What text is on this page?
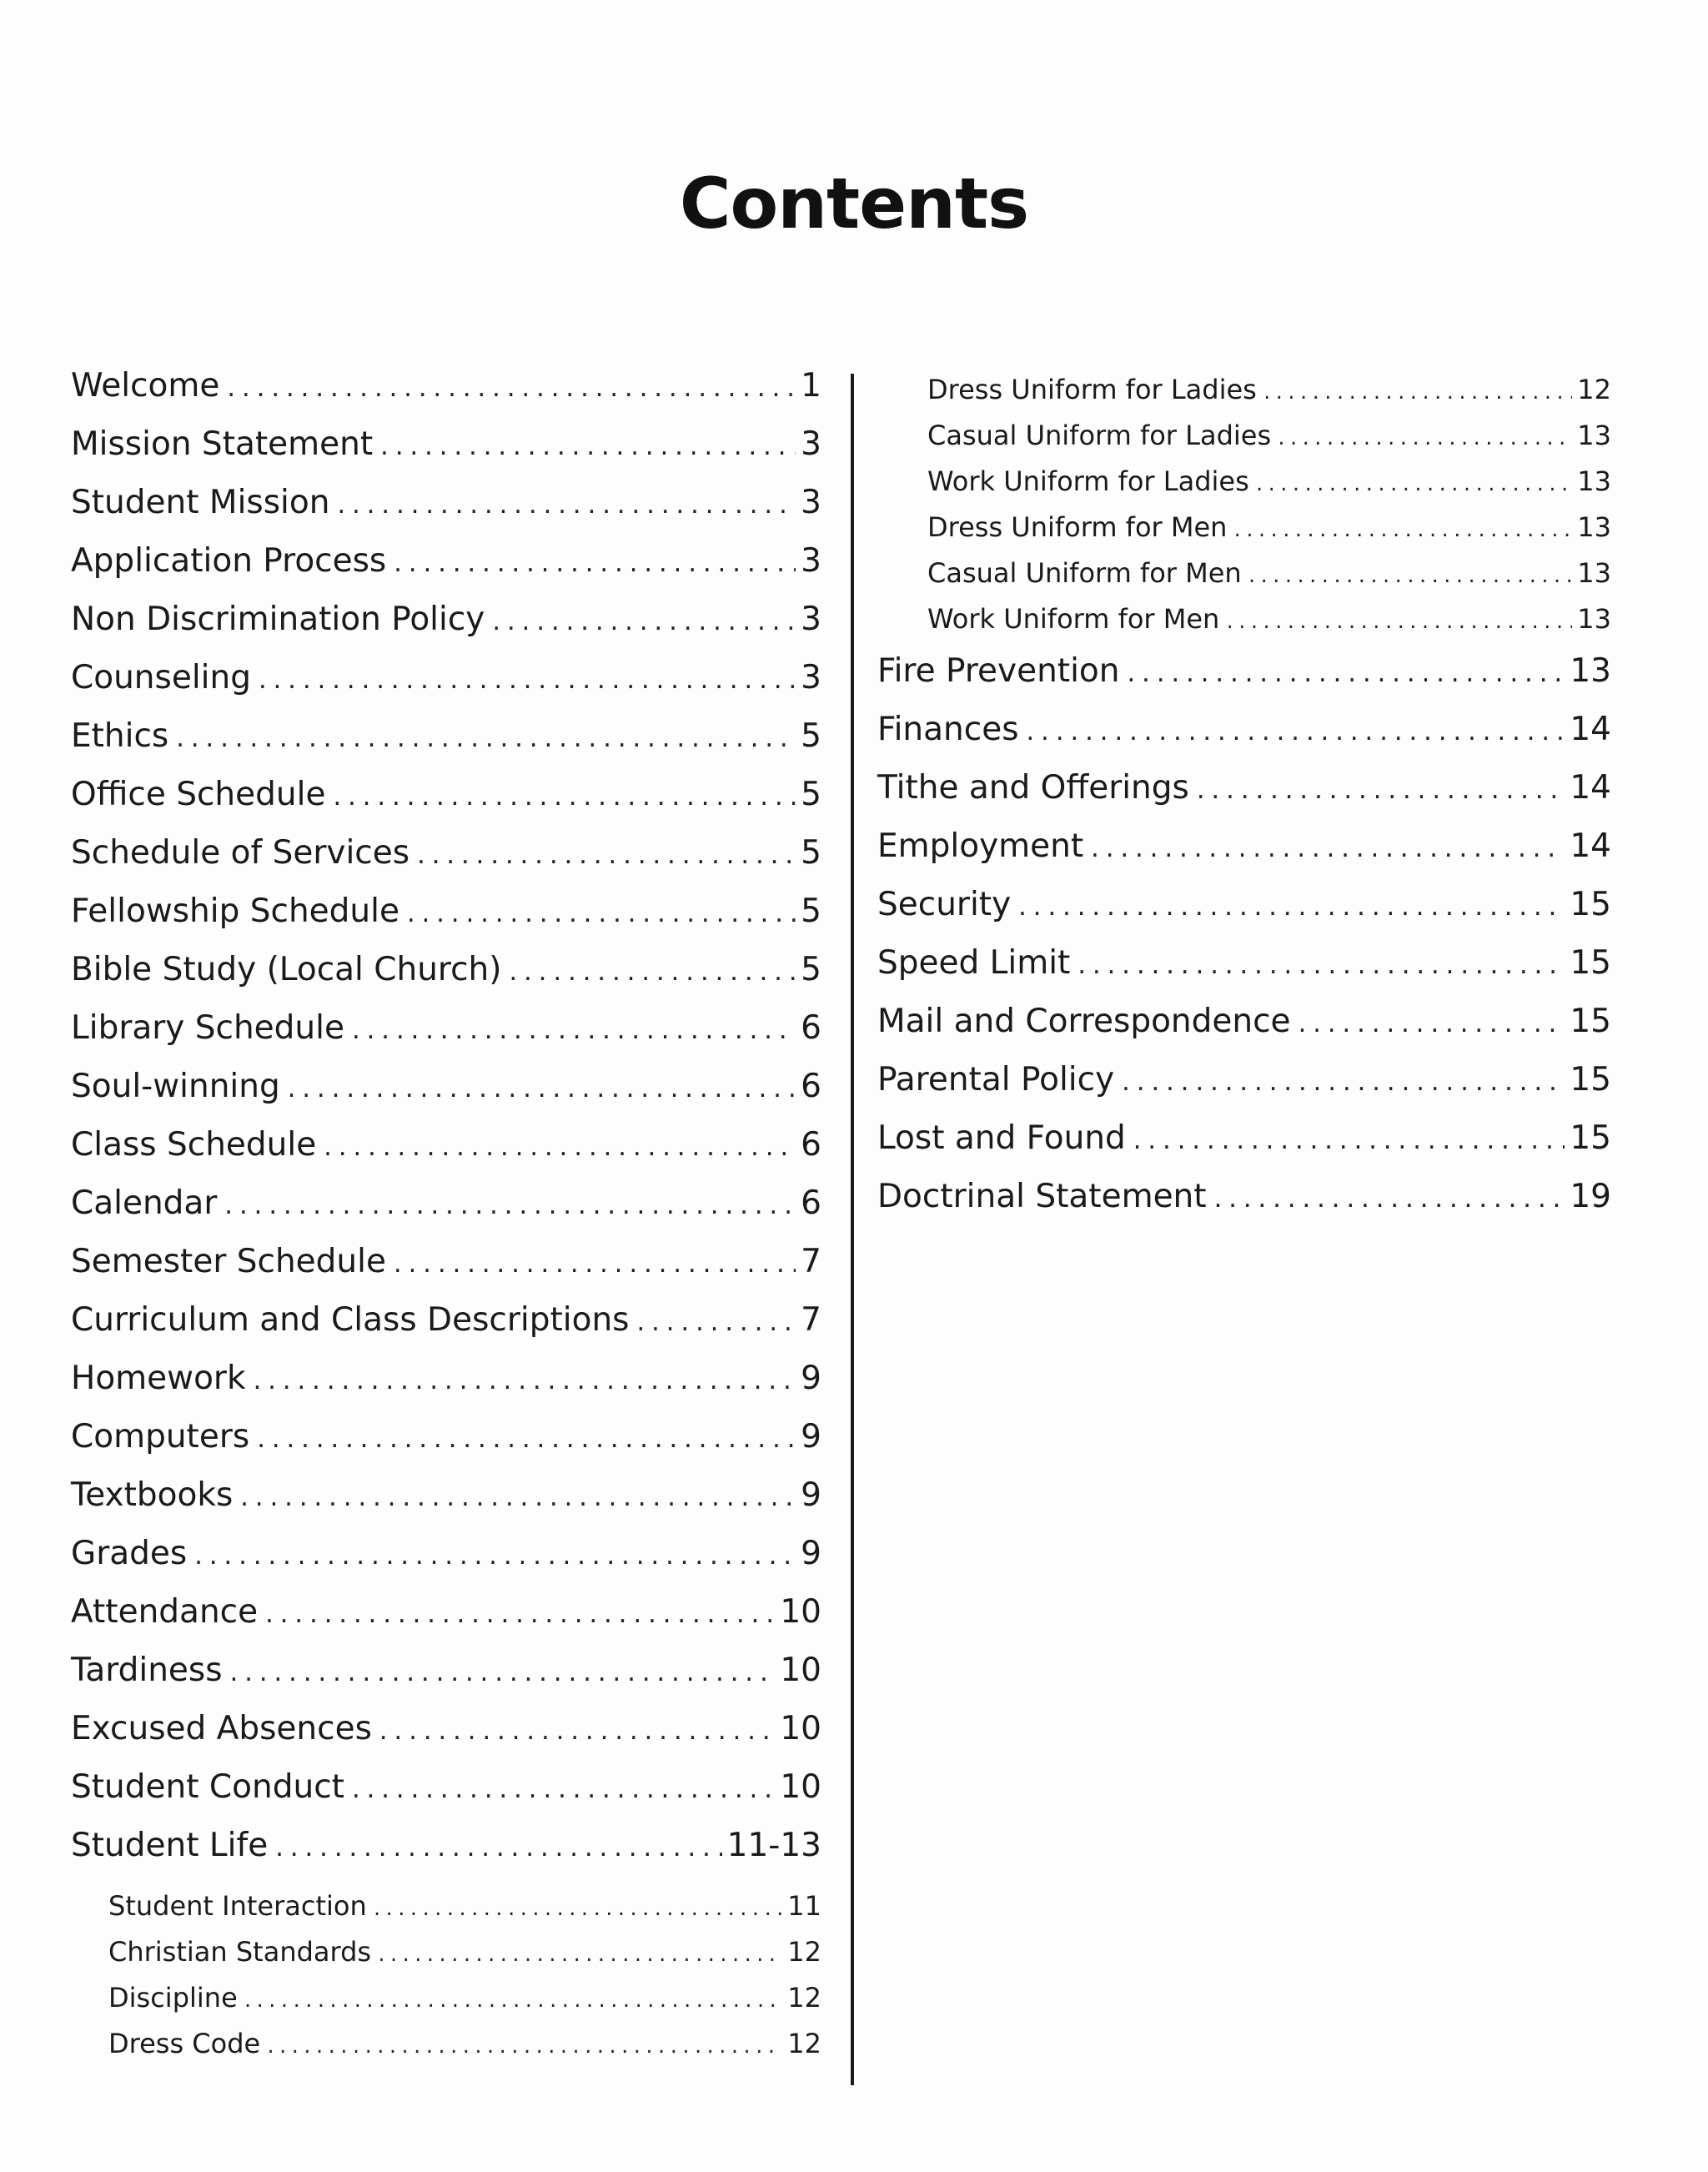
Contents
Welcome .....	1
Mission Statement .....	3
Student Mission .....	3
Application Process .....	3
Non Discrimination Policy .....	3
Counseling .....	3
Ethics .....	5
Office Schedule .....	5
Schedule of Services .....	5
Fellowship Schedule .....	5
Bible Study (Local Church) .....	5
Library Schedule .....	6
Soul-winning .....	6
Class Schedule .....	6
Calendar .....	6
Semester Schedule .....	7
Curriculum and Class Descriptions .....	7
Homework .....	9
Computers .....	9
Textbooks .....	9
Grades .....	9
Attendance .....	10
Tardiness .....	10
Excused Absences .....	10
Student Conduct .....	10
Student Life .....	11-13
Student Interaction .....	11
Christian Standards .....	12
Discipline .....	12
Dress Code .....	12
Dress Uniform for Ladies .....	12
Casual Uniform for Ladies .....	13
Work Uniform for Ladies .....	13
Dress Uniform for Men .....	13
Casual Uniform for Men .....	13
Work Uniform for Men .....	13
Fire Prevention .....	13
Finances .....	14
Tithe and Offerings .....	14
Employment .....	14
Security .....	15
Speed Limit .....	15
Mail and Correspondence .....	15
Parental Policy .....	15
Lost and Found .....	15
Doctrinal Statement .....	19
